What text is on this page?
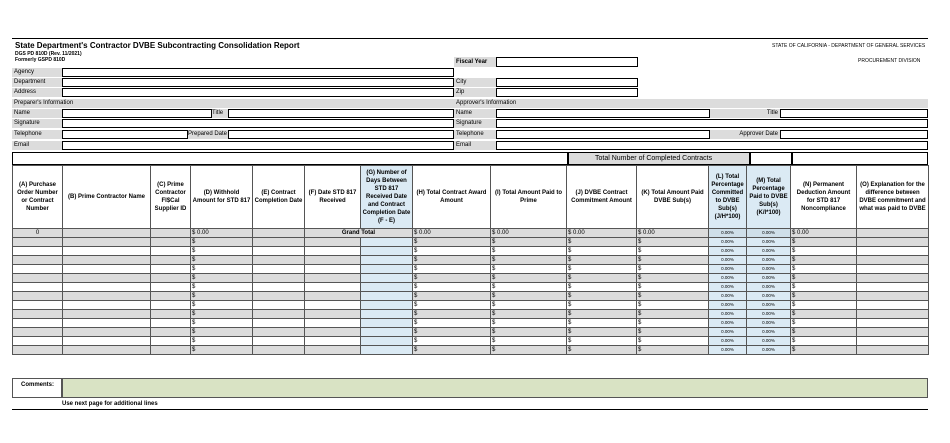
State Department's Contractor DVBE Subcontracting Consolidation Report
DGS PD 810D (Rev. 11/2021)
Formerly GSPD 810D
STATE OF CALIFORNIA - DEPARTMENT OF GENERAL SERVICES
PROCUREMENT DIVISION
Fiscal Year
Agency
Department	City
Address	Zip
Preparer's Information	Approver's Information
Name	Title	Name	Title
Signature	Signature
Telephone	Prepared Date	Telephone	Approver Date
Email	Email
Total Number of Completed Contracts
(A) Purchase Order Number or Contract Number	(B) Prime Contractor Name	(C) Prime Contractor FI$Cal Supplier ID	(D) Withhold Amount for STD 817	(E) Contract Completion Date	(F) Date STD 817 Received	(G) Number of Days Between STD 817 Received Date and Contract Completion Date (F - E)	(H) Total Contract Award Amount	(I) Total Amount Paid to Prime	(J) DVBE Contract Commitment Amount	(K) Total Amount Paid DVBE Sub(s)	(L) Total Percentage Committed to DVBE Sub(s) (J/H*100)	(M) Total Percentage Paid to DVBE Sub(s) (K/I*100)	(N) Permanent Deduction Amount for STD 817 Noncompliance	(O) Explanation for the difference between DVBE commitment and what was paid to DVBE
0			$ 0.00		Grand Total		$ 0.00	$ 0.00	$ 0.00	$ 0.00	0.00%	0.00%	$ 0.00	
			$				$	$	$	$	0.00%	0.00%	$	
			$				$	$	$	$	0.00%	0.00%	$	
			$				$	$	$	$	0.00%	0.00%	$	
			$				$	$	$	$	0.00%	0.00%	$	
			$				$	$	$	$	0.00%	0.00%	$	
			$				$	$	$	$	0.00%	0.00%	$	
			$				$	$	$	$	0.00%	0.00%	$	
			$				$	$	$	$	0.00%	0.00%	$	
			$				$	$	$	$	0.00%	0.00%	$	
			$				$	$	$	$	0.00%	0.00%	$	
			$				$	$	$	$	0.00%	0.00%	$	
			$				$	$	$	$	0.00%	0.00%	$	
			$				$	$	$	$	0.00%	0.00%	$	
Comments:
Use next page for additional lines
